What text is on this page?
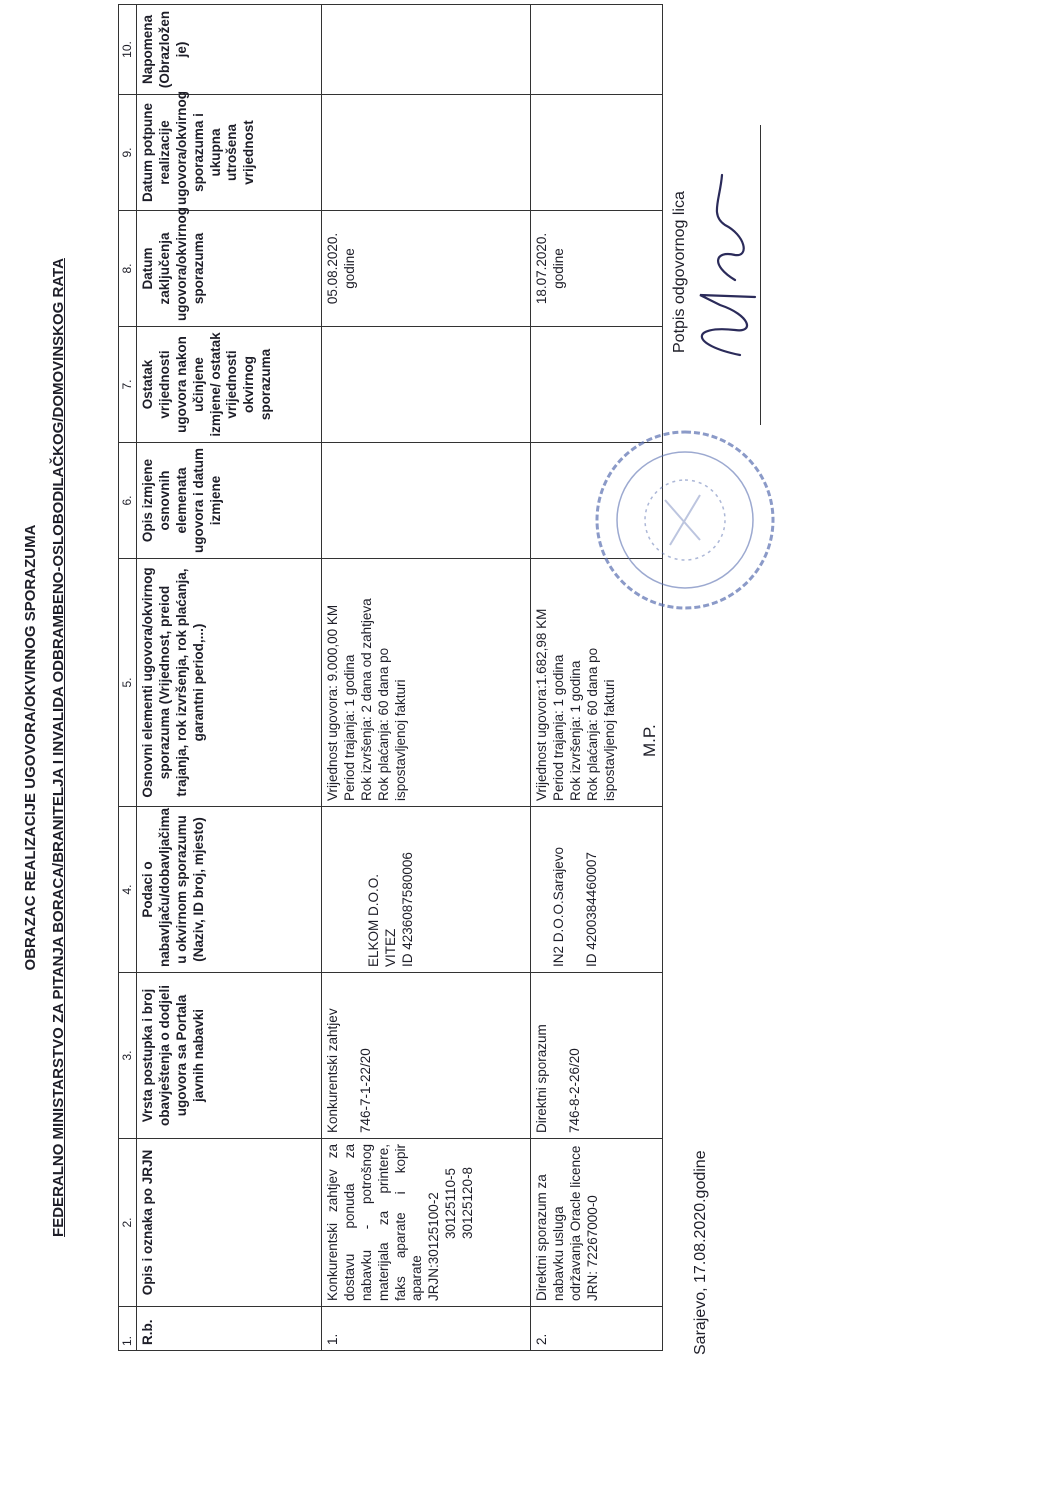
OBRAZAC REALIZACIJE UGOVORA/OKVIRNOG SPORAZUMA FEDERALNO MINISTARSTVO ZA PITANJA BORACA/BRANITELJA I INVALIDA ODBRAMBENO-OSLOBODILAČKOG/DOMOVINSKOG RATA
1.	2.	3.	4.	5.	6.	7.	8.	9.	10.
R.b.	Opis i oznaka po JRJN	Vrsta postupka i broj obavještenja o dodjeli ugovora sa Portala javnih nabavki	Podaci o nabavljaču/dobavljačima u okvirnom sporazumu (Naziv, ID broj, mjesto)	Osnovni elementi ugovora/okvirnog sporazuma (Vrijednost, preiod trajanja, rok izvršenja, rok plaćanja, garantni period,...)	Opis izmjene osnovnih elemenata ugovora i datum izmjene	Ostatak vrijednosti ugovora nakon učinjene izmjene/ ostatak vrijednosti okvirnog sporazuma	Datum zaključenja ugovora/okvirnog sporazuma	Datum potpune realizacije ugovora/okvirnog sporazuma i ukupna utrošena vrijednost	Napomena (Obrazložen je)
1.	Konkurentski zahtjev za dostavu ponuda za nabavku - potrošnog materijala za printere, faks aparate i kopir aparate JRJN:30125100-2 30125110-5 30125120-8	Konkurentski zahtjev 746-7-1-22/20	ELKOM D.O.O. VITEZ ID 4236087580006	Vrijednost ugovora: 9.000,00 KM Period trajanja: 1 godina Rok izvršenja: 2 dana od zahtjeva Rok plaćanja: 60 dana po ispostavljenoj fakturi			05.08.2020. godine		

2.	Direktni sporazum za nabavku usluga održavanja Oracle licence JRN: 72267000-0	Direktni sporazum 746-8-2-26/20	IN2 D.O.O.Sarajevo ID 4200384460007	Vrijednost ugovora:1.682,98 KM Period trajanja: 1 godina Rok izvršenja: 1 godina Rok plaćanja: 60 dana po ispostavljenoj fakturi			18.07.2020. godine		

Sarajevo, 17.08.2020.godine
M.P.
Potpis odgovornog lica
